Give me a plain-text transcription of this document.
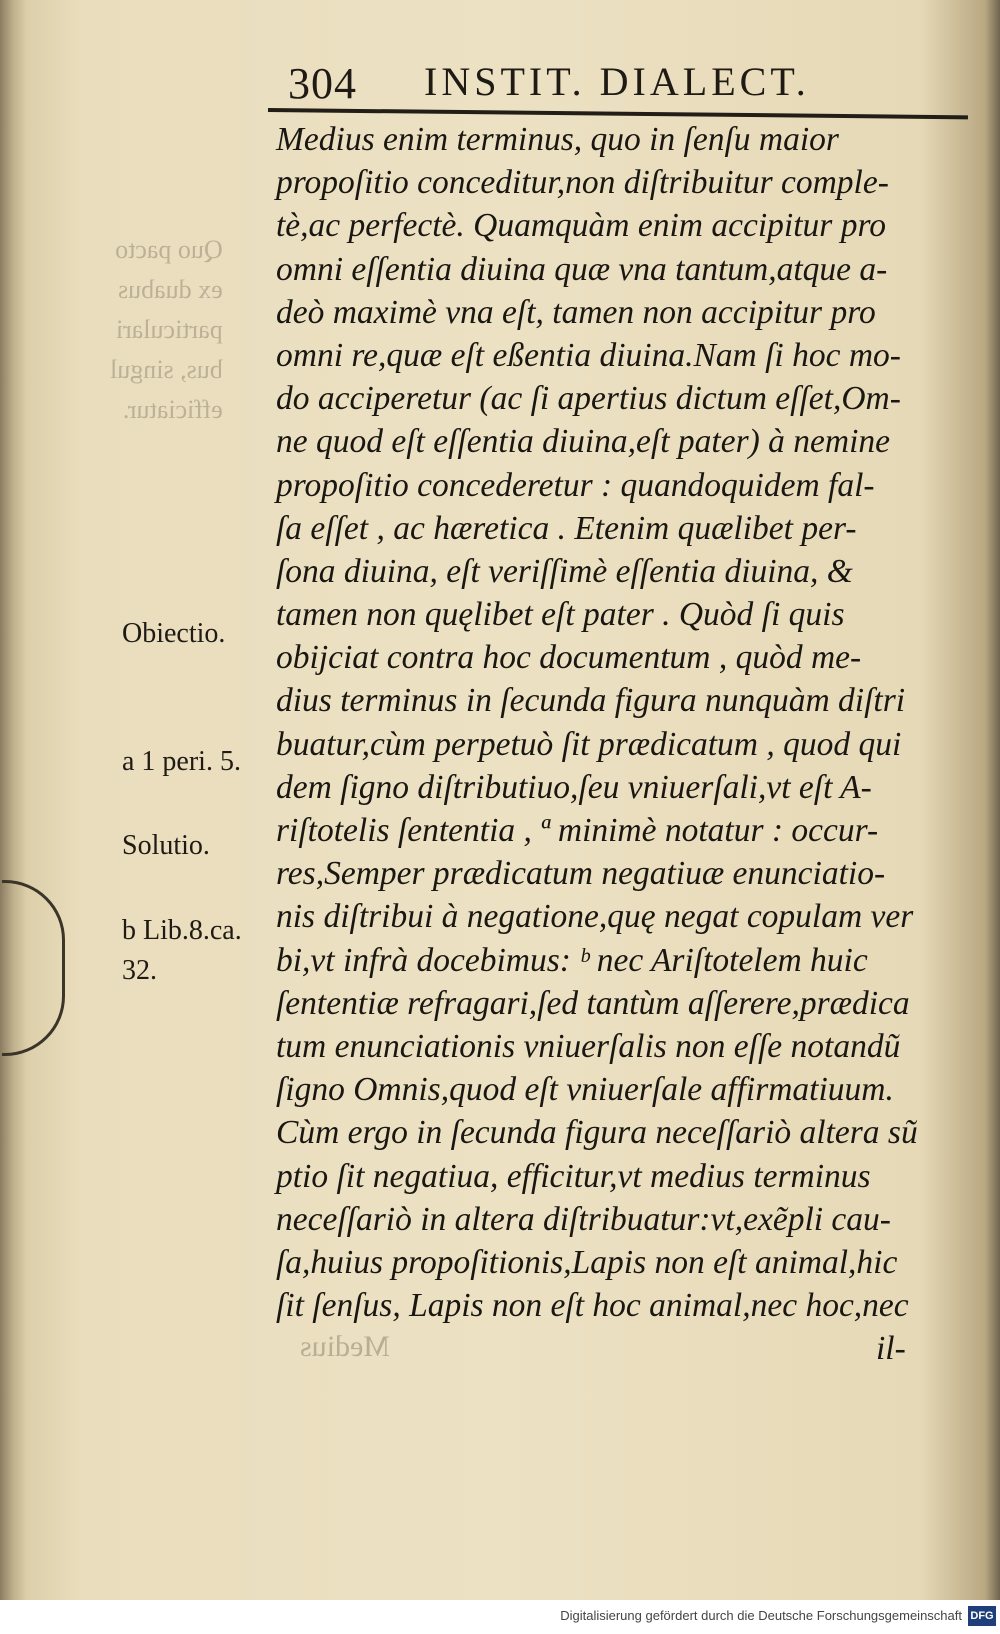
Quo pacto
ex duabus
particulari
bus, singul
efficiatur.
304 INSTIT. DIALECT.
Obiectio.
a 1 peri. 5.
Solutio.
b Lib.8.ca.
32.
Medius enim terminus, quo in ſenſu maior
propoſitio conceditur,non diſtribuitur comple-
tè,ac perfectè. Quamquàm enim accipitur pro
omni eſſentia diuina quæ vna tantum,atque a-
deò maximè vna eſt, tamen non accipitur pro
omni re,quæ eſt eßentia diuina.Nam ſi hoc mo-
do acciperetur (ac ſi apertius dictum eſſet,Om-
ne quod eſt eſſentia diuina,eſt pater) à nemine
propoſitio concederetur : quandoquidem fal-
ſa eſſet , ac hæretica . Etenim quælibet per-
ſona diuina, eſt veriſſimè eſſentia diuina, &
tamen non quęlibet eſt pater . Quòd ſi quis
obijciat contra hoc documentum , quòd me-
dius terminus in ſecunda figura nunquàm diſtri
buatur,cùm perpetuò ſit prædicatum , quod qui
dem ſigno diſtributiuo,ſeu vniuerſali,vt eſt A-
riſtotelis ſententia , ª minimè notatur : occur-
res,Semper prædicatum negatiuæ enunciatio-
nis diſtribui à negatione,quę negat copulam ver
bi,vt infrà docebimus: ᵇ nec Ariſtotelem huic
ſententiæ refragari,ſed tantùm aſſerere,prædica
tum enunciationis vniuerſalis non eſſe notandũ
ſigno Omnis,quod eſt vniuerſale affirmatiuum.
Cùm ergo in ſecunda figura neceſſariò altera sũ
ptio ſit negatiua, efficitur,vt medius terminus
neceſſariò in altera diſtribuatur:vt,exẽpli cau-
ſa,huius propoſitionis,Lapis non eſt animal,hic
ſit ſenſus, Lapis non eſt hoc animal,nec hoc,nec
il-
Medius
Digitalisierung gefördert durch die Deutsche Forschungsgemeinschaft DFG
